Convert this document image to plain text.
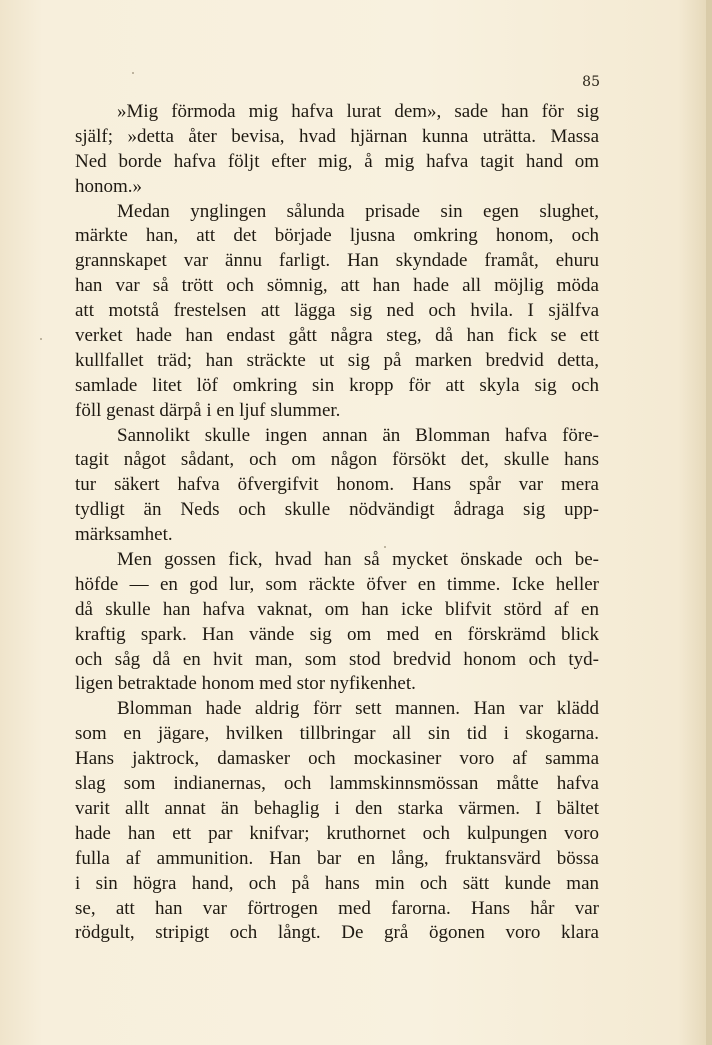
85
»Mig förmoda mig hafva lurat dem», sade han för sig
själf; »detta åter bevisa, hvad hjärnan kunna uträtta. Massa
Ned borde hafva följt efter mig, å mig hafva tagit hand om
honom.»
Medan ynglingen sålunda prisade sin egen slughet,
märkte han, att det började ljusna omkring honom, och
grannskapet var ännu farligt. Han skyndade framåt, ehuru
han var så trött och sömnig, att han hade all möjlig möda
att motstå frestelsen att lägga sig ned och hvila. I själfva
verket hade han endast gått några steg, då han fick se ett
kullfallet träd; han sträckte ut sig på marken bredvid detta,
samlade litet löf omkring sin kropp för att skyla sig och
föll genast därpå i en ljuf slummer.
Sannolikt skulle ingen annan än Blomman hafva före-
tagit något sådant, och om någon försökt det, skulle hans
tur säkert hafva öfvergifvit honom. Hans spår var mera
tydligt än Neds och skulle nödvändigt ådraga sig upp-
märksamhet.
Men gossen fick, hvad han så mycket önskade och be-
höfde — en god lur, som räckte öfver en timme. Icke heller
då skulle han hafva vaknat, om han icke blifvit störd af en
kraftig spark. Han vände sig om med en förskrämd blick
och såg då en hvit man, som stod bredvid honom och tyd-
ligen betraktade honom med stor nyfikenhet.
Blomman hade aldrig förr sett mannen. Han var klädd
som en jägare, hvilken tillbringar all sin tid i skogarna.
Hans jaktrock, damasker och mockasiner voro af samma
slag som indianernas, och lammskinnsmössan måtte hafva
varit allt annat än behaglig i den starka värmen. I bältet
hade han ett par knifvar; kruthornet och kulpungen voro
fulla af ammunition. Han bar en lång, fruktansvärd bössa
i sin högra hand, och på hans min och sätt kunde man
se, att han var förtrogen med farorna. Hans hår var
rödgult, stripigt och långt. De grå ögonen voro klara
